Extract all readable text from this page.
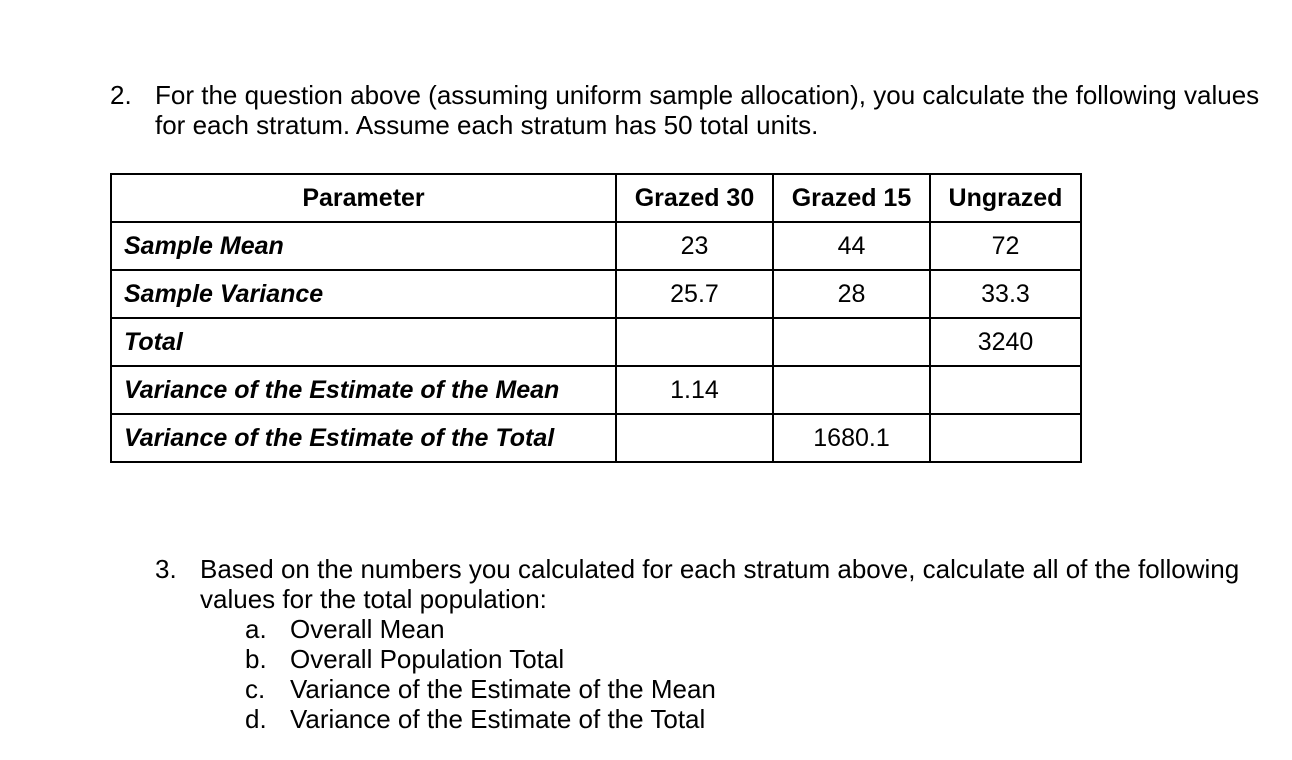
2. For the question above (assuming uniform sample allocation), you calculate the following values for each stratum. Assume each stratum has 50 total units.
Parameter	Grazed 30	Grazed 15	Ungrazed
Sample Mean	23	44	72
Sample Variance	25.7	28	33.3
Total			3240
Variance of the Estimate of the Mean	1.14		
Variance of the Estimate of the Total		1680.1	
3. Based on the numbers you calculated for each stratum above, calculate all of the following values for the total population:
a. Overall Mean
b. Overall Population Total
c. Variance of the Estimate of the Mean
d. Variance of the Estimate of the Total
